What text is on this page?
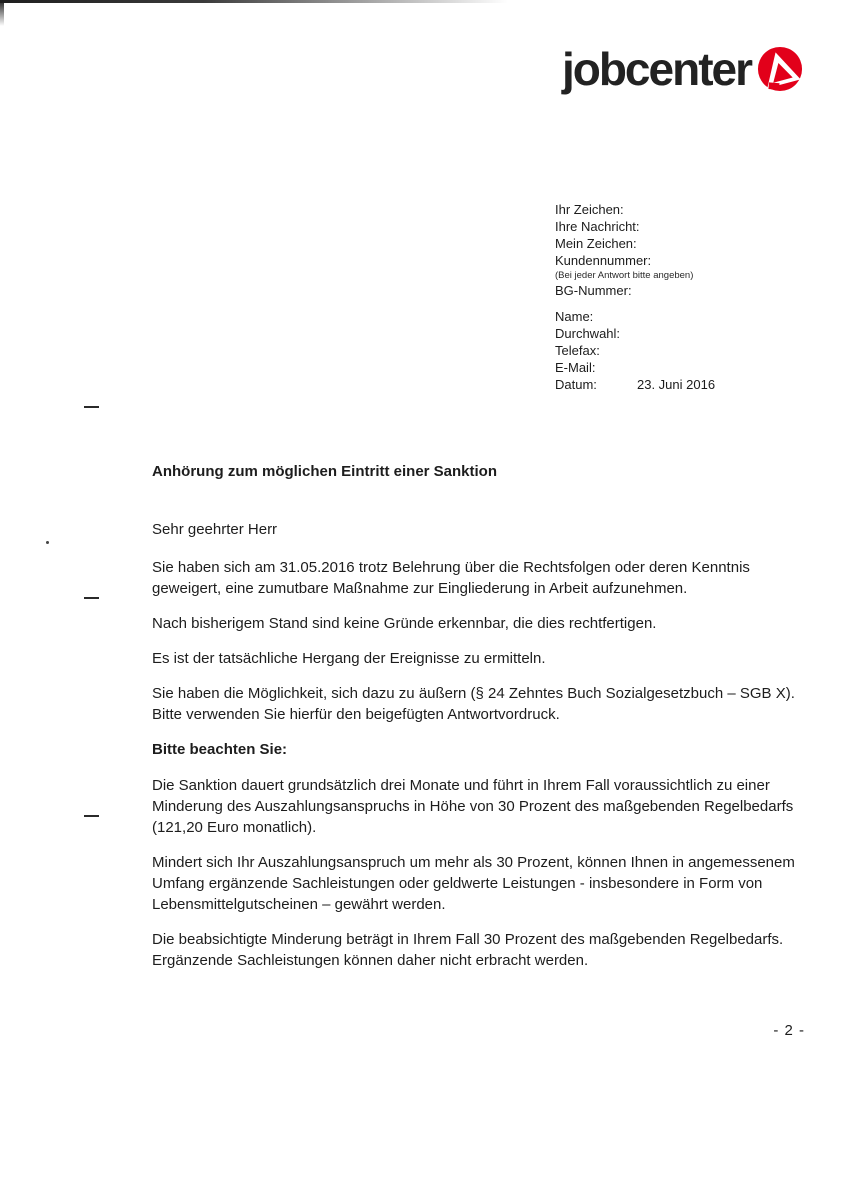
jobcenter
Ihr Zeichen:
Ihre Nachricht:
Mein Zeichen:
Kundennummer:
(Bei jeder Antwort bitte angeben)
BG-Nummer:
Name:
Durchwahl:
Telefax:
E-Mail:
Datum:	23. Juni 2016
Anhörung zum möglichen Eintritt einer Sanktion

Sehr geehrter Herr

Sie haben sich am 31.05.2016 trotz Belehrung über die Rechtsfolgen oder deren Kenntnis geweigert, eine zumutbare Maßnahme zur Eingliederung in Arbeit aufzunehmen.

Nach bisherigem Stand sind keine Gründe erkennbar, die dies rechtfertigen.

Es ist der tatsächliche Hergang der Ereignisse zu ermitteln.

Sie haben die Möglichkeit, sich dazu zu äußern (§ 24 Zehntes Buch Sozialgesetzbuch – SGB X). Bitte verwenden Sie hierfür den beigefügten Antwortvordruck.

Bitte beachten Sie:

Die Sanktion dauert grundsätzlich drei Monate und führt in Ihrem Fall voraussichtlich zu einer Minderung des Auszahlungsanspruchs in Höhe von 30 Prozent des maßgebenden Regelbedarfs (121,20 Euro monatlich).

Mindert sich Ihr Auszahlungsanspruch um mehr als 30 Prozent, können Ihnen in angemessenem Umfang ergänzende Sachleistungen oder geldwerte Leistungen - insbesondere in Form von Lebensmittelgutscheinen – gewährt werden.

Die beabsichtigte Minderung beträgt in Ihrem Fall 30 Prozent des maßgebenden Regelbedarfs. Ergänzende Sachleistungen können daher nicht erbracht werden.

- 2 -
